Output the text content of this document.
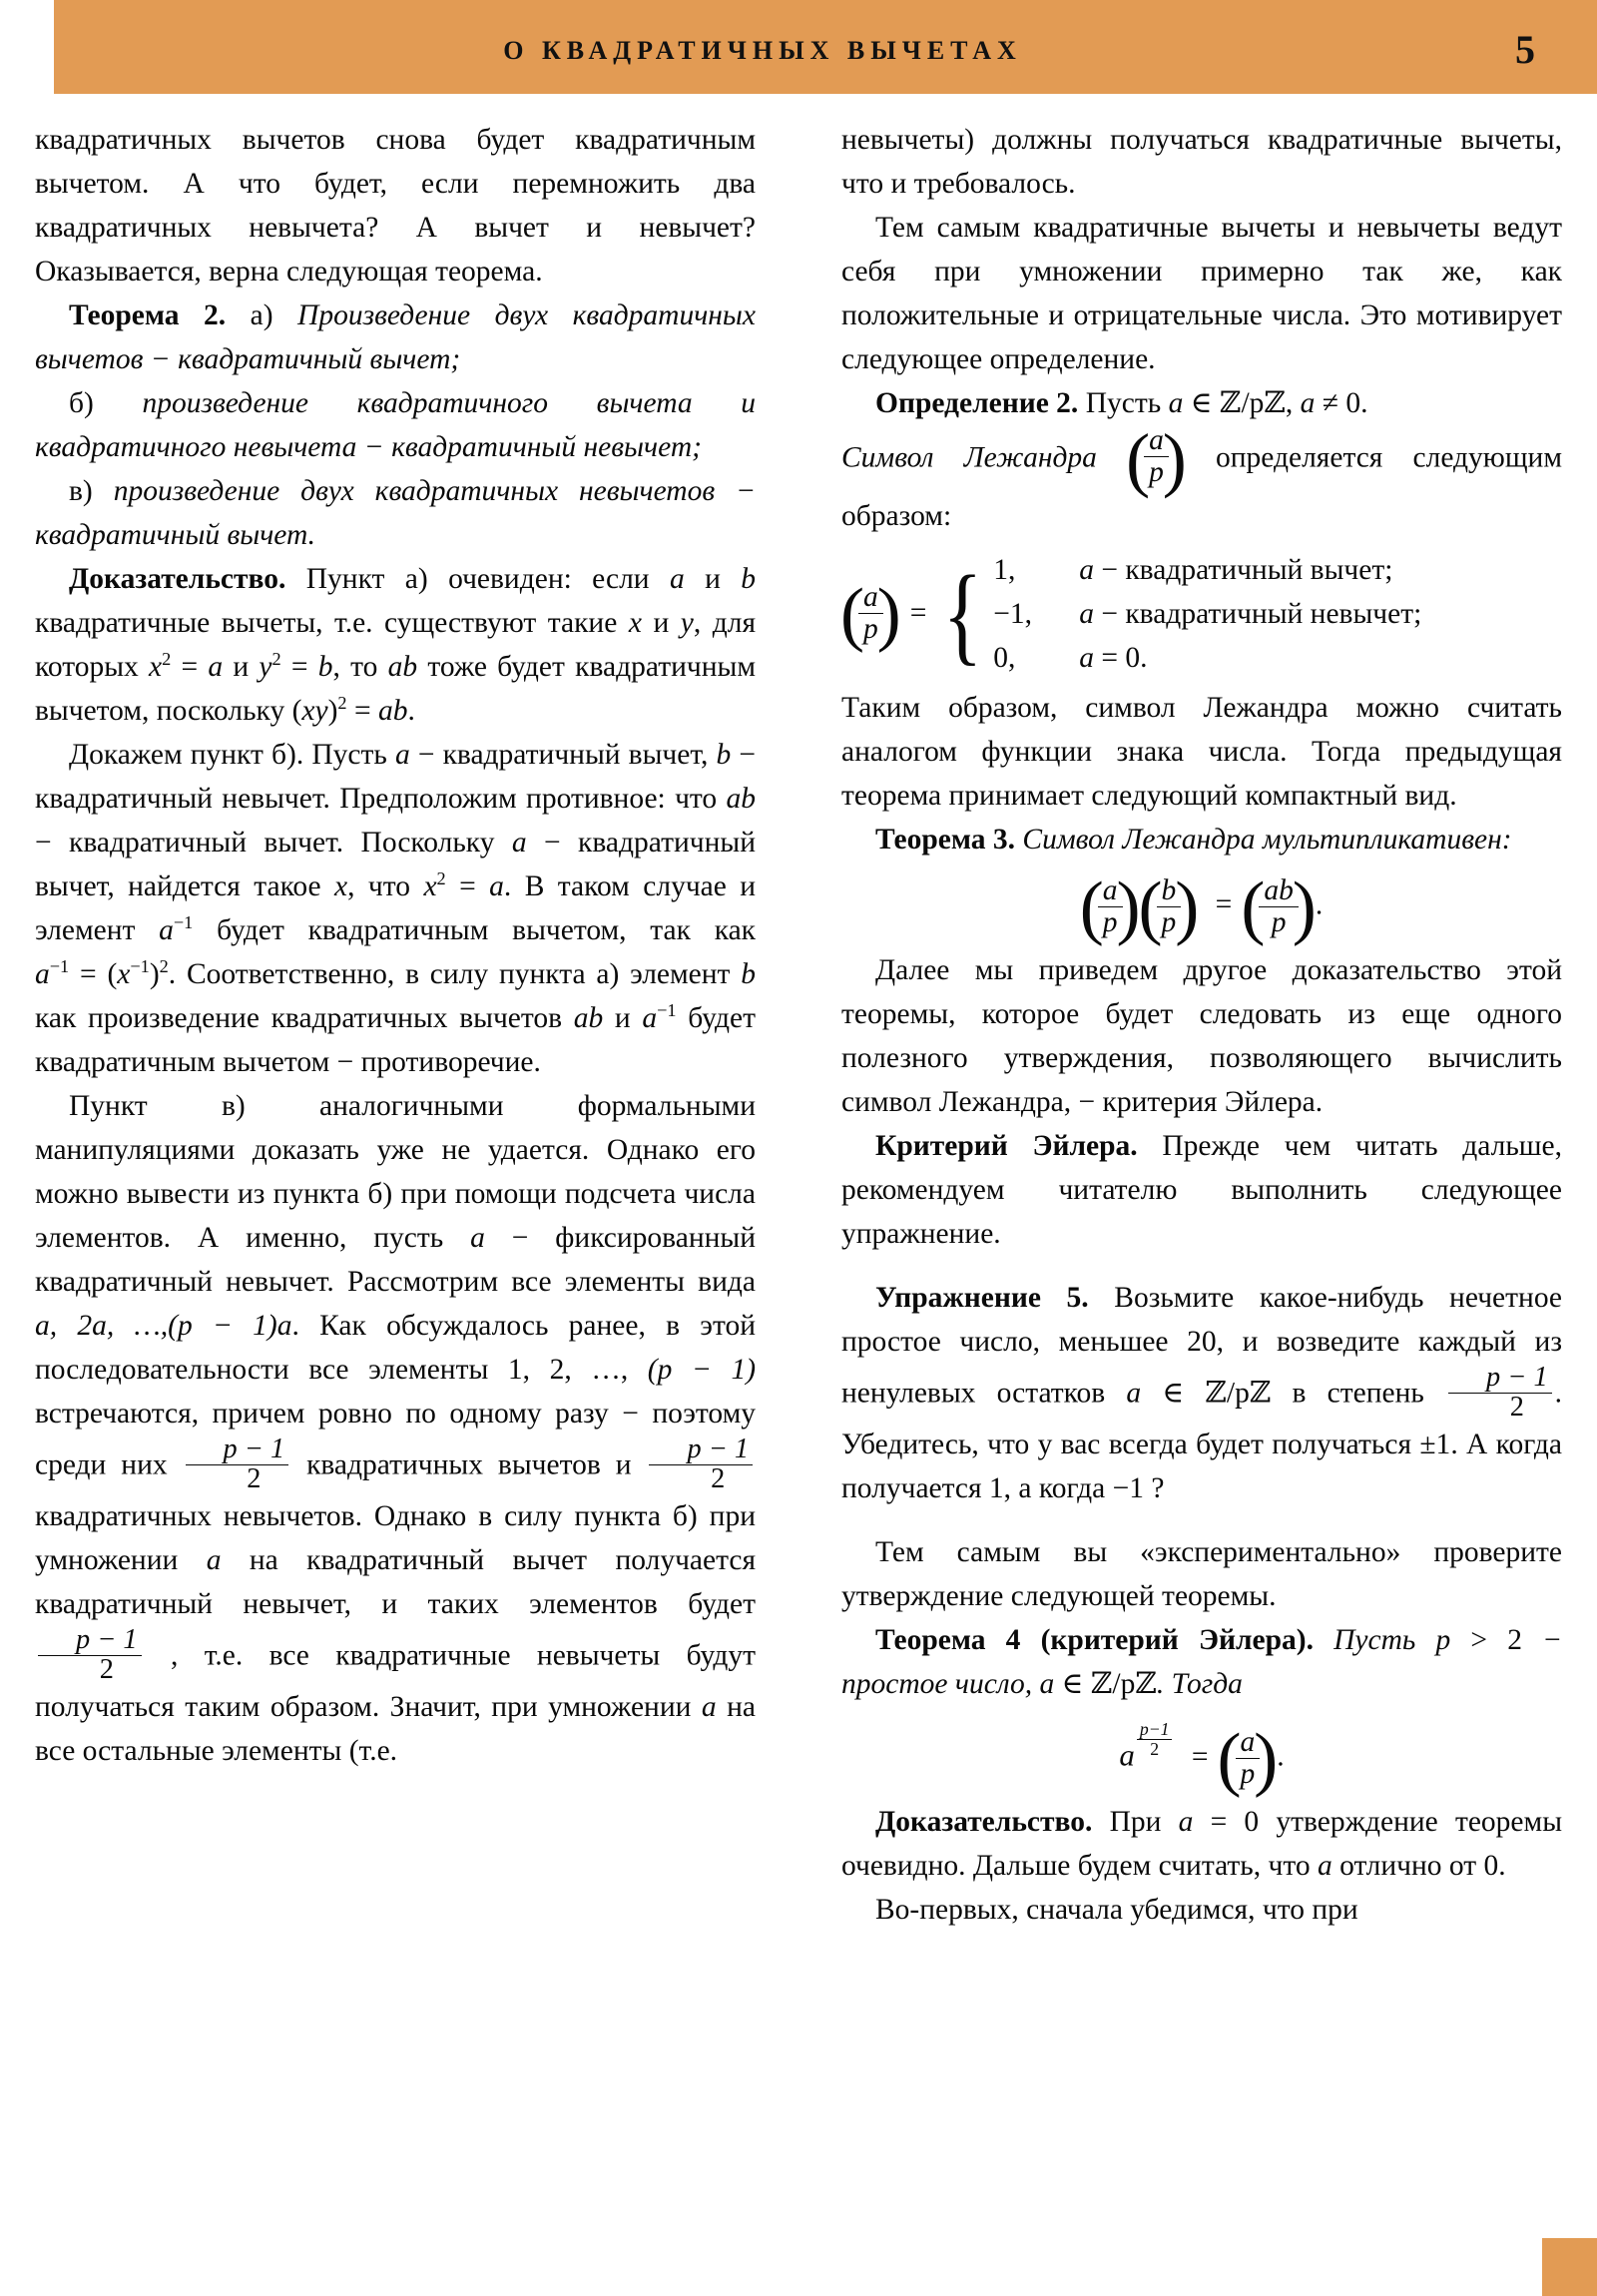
О КВАДРАТИЧНЫХ ВЫЧЕТАХ	5

квадратичных вычетов снова будет квадратичным вычетом. А что будет, если перемножить два квадратичных невычета? А вычет и невычет? Оказывается, верна следующая теорема.

Теорема 2. а) Произведение двух квадратичных вычетов − квадратичный вычет;

б) произведение квадратичного вычета и квадратичного невычета − квадратичный невычет;

в) произведение двух квадратичных невычетов − квадратичный вычет.

Доказательство. Пункт а) очевиден: если a и b квадратичные вычеты, т.е. существуют такие x и y, для которых $x^2 = a$ и $y^2 = b$, то ab тоже будет квадратичным вычетом, поскольку (xy)$^2$ = ab.

Докажем пункт б). Пусть a − квадратичный вычет, b − квадратичный невычет. Предположим противное: что ab − квадратичный вычет. Поскольку a − квадратичный вычет, найдется такое x, что $x^2 = a$. В таком случае и элемент $a^{-1}$ будет квадратичным вычетом, так как $a^{-1} = (x^{-1})^2$. Соответственно, в силу пункта а) элемент b как произведение квадратичных вычетов ab и $a^{-1}$ будет квадратичным вычетом − противоречие.

Пункт в) аналогичными формальными манипуляциями доказать уже не удается. Однако его можно вывести из пункта б) при помощи подсчета числа элементов. А именно, пусть a − фиксированный квадратичный невычет. Рассмотрим все элементы вида a, 2a, …,(p − 1)a. Как обсуждалось ранее, в этой последовательности все элементы 1, 2, …, (p − 1) встречаются, причем ровно по одному разу − поэтому среди них $\frac{p - 1}{2}$ квадратичных вычетов и $\frac{p - 1}{2}$
квадратичных невычетов. Однако в силу пункта б) при умножении a на квадратичный вычет получается квадратичный невычет, и таких элементов будет
$\frac{p - 1}{2}$ , т.е. все квадратичные невычеты будут получаться таким образом. Значит, при умножении a на все остальные элементы (т.е.

невычеты) должны получаться квадратичные вычеты, что и требовалось.

Тем самым квадратичные вычеты и невычеты ведут себя при умножении примерно так же, как положительные и отрицательные числа. Это мотивирует следующее определение.

Определение 2. Пусть a ∈ ℤ/pℤ, a ≠ 0.

Символ Лежандра (
$\frac{a}{p}$
) определяется следующим образом:

(
$\frac{a}{p}$
) = { 1,	a − квадратичный вычет;
−1,	a − квадратичный невычет;
0,	a = 0.

Таким образом, символ Лежандра можно считать аналогом функции знака числа. Тогда предыдущая теорема принимает следующий компактный вид.

Теорема 3. Символ Лежандра мультипликативен:

(
$\frac{a}{p}$
)
(
$\frac{b}{p}$
) = (
$\frac{ab}{p}$
) .

Далее мы приведем другое доказательство этой теоремы, которое будет следовать из еще одного полезного утверждения, позволяющего вычислить символ Лежандра, − критерия Эйлера.

Критерий Эйлера. Прежде чем читать дальше, рекомендуем читателю выполнить следующее упражнение.

Упражнение 5. Возьмите какое-нибудь нечетное простое число, меньшее 20, и возведите каждый из ненулевых остатков a ∈ ℤ/pℤ в степень $\frac{p - 1}{2}$ . Убедитесь, что у вас всегда будет получаться ±1. А когда получается 1, а когда −1 ?

Тем самым вы «экспериментально» проверите утверждение следующей теоремы.

Теорема 4 (критерий Эйлера). Пусть p > 2 − простое число, a ∈ ℤ/pℤ. Тогда

a $\frac{p-1}{2}$ = (
$\frac{a}{p}$
) .

Доказательство. При a = 0 утверждение теоремы очевидно. Дальше будем считать, что a отлично от 0.

Во-первых, сначала убедимся, что при
